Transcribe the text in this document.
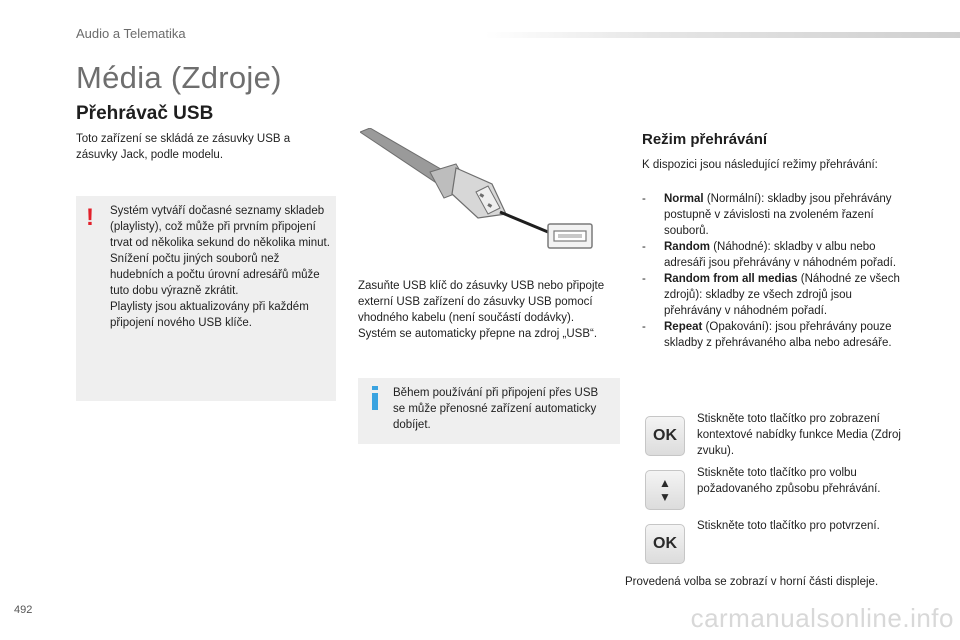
Audio a Telematika
Média (Zdroje)
Přehrávač USB
Toto zařízení se skládá ze zásuvky USB a zásuvky Jack, podle modelu.
! Systém vytváří dočasné seznamy skladeb (playlisty), což může při prvním připojení trvat od několika sekund do několika minut.
Snížení počtu jiných souborů než hudebních a počtu úrovní adresářů může tuto dobu výrazně zkrátit.
Playlisty jsou aktualizovány při každém připojení nového USB klíče.
Zasuňte USB klíč do zásuvky USB nebo připojte externí USB zařízení do zásuvky USB pomocí vhodného kabelu (není součástí dodávky).
Systém se automaticky přepne na zdroj „USB“.
Během používání při připojení přes USB se může přenosné zařízení automaticky dobíjet.
Režim přehrávání
K dispozici jsou následující režimy přehrávání:
- Normal (Normální): skladby jsou přehrávány postupně v závislosti na zvoleném řazení souborů.
- Random (Náhodné): skladby v albu nebo adresáři jsou přehrávány v náhodném pořadí.
- Random from all medias (Náhodné ze všech zdrojů): skladby ze všech zdrojů jsou přehrávány v náhodném pořadí.
- Repeat (Opakování): jsou přehrávány pouze skladby z přehrávaného alba nebo adresáře.
OK
Stiskněte toto tlačítko pro zobrazení kontextové nabídky funkce Media (Zdroj zvuku).
▲
▼
Stiskněte toto tlačítko pro volbu požadovaného způsobu přehrávání.
OK
Stiskněte toto tlačítko pro potvrzení.
Provedená volba se zobrazí v horní části displeje.
492	carmanualsonline.info
